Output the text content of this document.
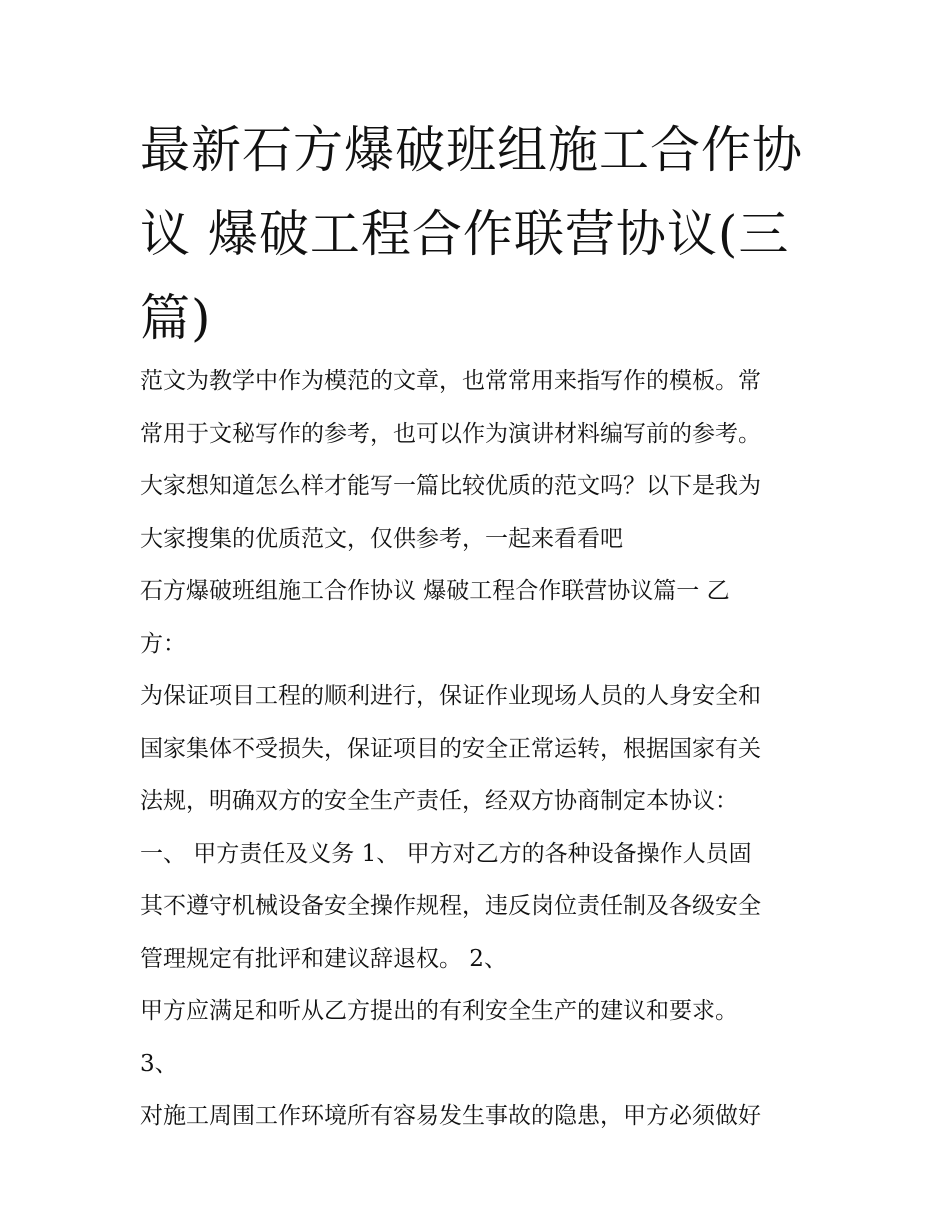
最新石方爆破班组施工合作协
议 爆破工程合作联营协议(三
篇)
范文为教学中作为模范的文章，也常常用来指写作的模板。常
常用于文秘写作的参考，也可以作为演讲材料编写前的参考。
大家想知道怎么样才能写一篇比较优质的范文吗？以下是我为
大家搜集的优质范文，仅供参考，一起来看看吧
石方爆破班组施工合作协议 爆破工程合作联营协议篇一 乙
方：
为保证项目工程的顺利进行，保证作业现场人员的人身安全和
国家集体不受损失，保证项目的安全正常运转，根据国家有关
法规，明确双方的安全生产责任，经双方协商制定本协议：
一、 甲方责任及义务 1、 甲方对乙方的各种设备操作人员固
其不遵守机械设备安全操作规程，违反岗位责任制及各级安全
管理规定有批评和建议辞退权。 2、
甲方应满足和听从乙方提出的有利安全生产的建议和要求。
3、
对施工周围工作环境所有容易发生事故的隐患，甲方必须做好
